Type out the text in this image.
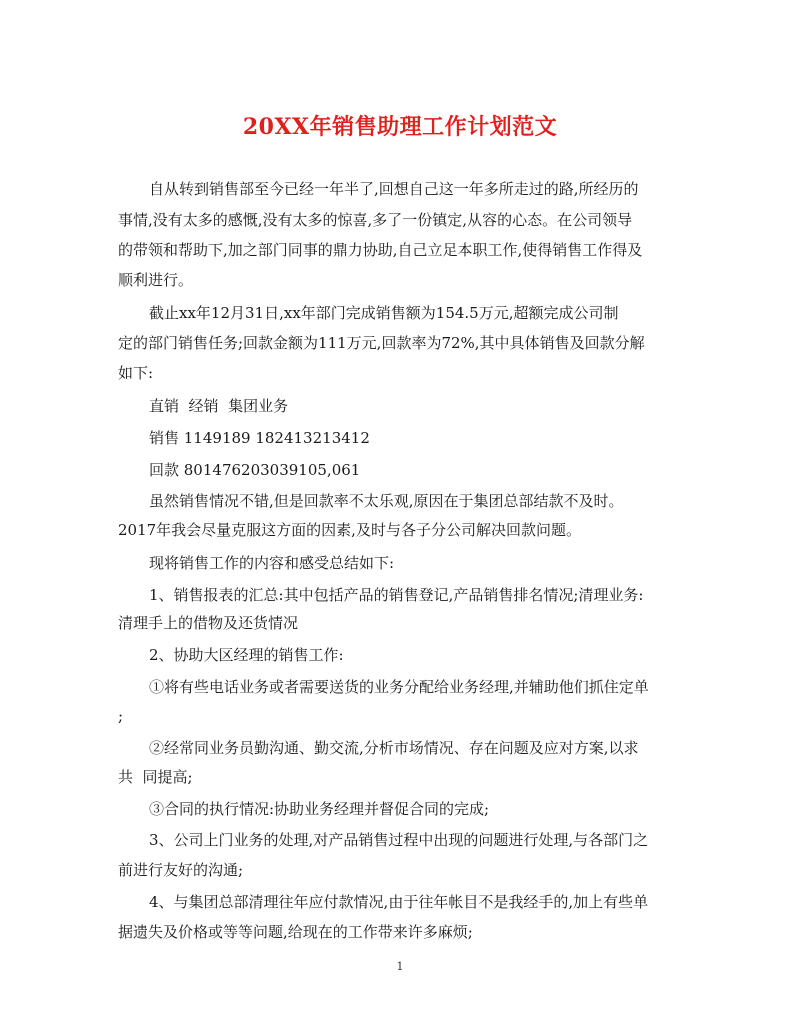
20XX年销售助理工作计划范文
自从转到销售部至今已经一年半了,回想自己这一年多所走过的路,所经历的
事情,没有太多的感慨,没有太多的惊喜,多了一份镇定,从容的心态。在公司领导
的带领和帮助下,加之部门同事的鼎力协助,自己立足本职工作,使得销售工作得及
顺利进行。
截止xx年12月31日,xx年部门完成销售额为154.5万元,超额完成公司制
定的部门销售任务;回款金额为111万元,回款率为72%,其中具体销售及回款分解
如下:
直销  经销  集团业务
销售 1149189 182413213412
回款 801476203039105,061
虽然销售情况不错,但是回款率不太乐观,原因在于集团总部结款不及时。
2017年我会尽量克服这方面的因素,及时与各子分公司解决回款问题。
现将销售工作的内容和感受总结如下:
1、销售报表的汇总:其中包括产品的销售登记,产品销售排名情况;清理业务:
清理手上的借物及还货情况
2、协助大区经理的销售工作:
①将有些电话业务或者需要送货的业务分配给业务经理,并辅助他们抓住定单
;
②经常同业务员勤沟通、勤交流,分析市场情况、存在问题及应对方案,以求
共  同提高;
③合同的执行情况:协助业务经理并督促合同的完成;
3、公司上门业务的处理,对产品销售过程中出现的问题进行处理,与各部门之
前进行友好的沟通;
4、与集团总部清理往年应付款情况,由于往年帐目不是我经手的,加上有些单
据遗失及价格或等等问题,给现在的工作带来许多麻烦;
1
